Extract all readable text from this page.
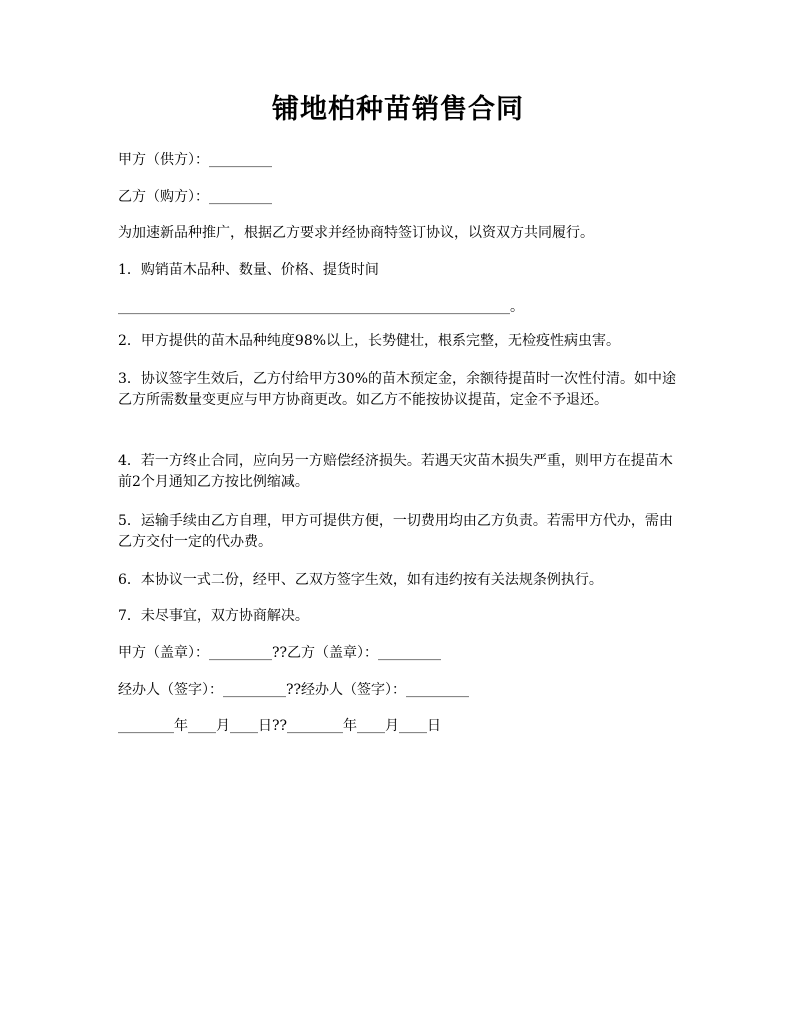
铺地柏种苗销售合同
甲方（供方）：_________
乙方（购方）：_________
为加速新品种推广，根据乙方要求并经协商特签订协议，以资双方共同履行。
1．购销苗木品种、数量、价格、提货时间
________________________________________________________。
2．甲方提供的苗木品种纯度98%以上，长势健壮，根系完整，无检疫性病虫害。
3．协议签字生效后，乙方付给甲方30%的苗木预定金，余额待提苗时一次性付清。如中途乙方所需数量变更应与甲方协商更改。如乙方不能按协议提苗，定金不予退还。
4．若一方终止合同，应向另一方赔偿经济损失。若遇天灾苗木损失严重，则甲方在提苗木前2个月通知乙方按比例缩减。
5．运输手续由乙方自理，甲方可提供方便，一切费用均由乙方负责。若需甲方代办，需由乙方交付一定的代办费。
6．本协议一式二份，经甲、乙双方签字生效，如有违约按有关法规条例执行。
7．未尽事宜，双方协商解决。
甲方（盖章）：_________??乙方（盖章）：_________
经办人（签字）：_________??经办人（签字）：_________
________年____月____日??________年____月____日
